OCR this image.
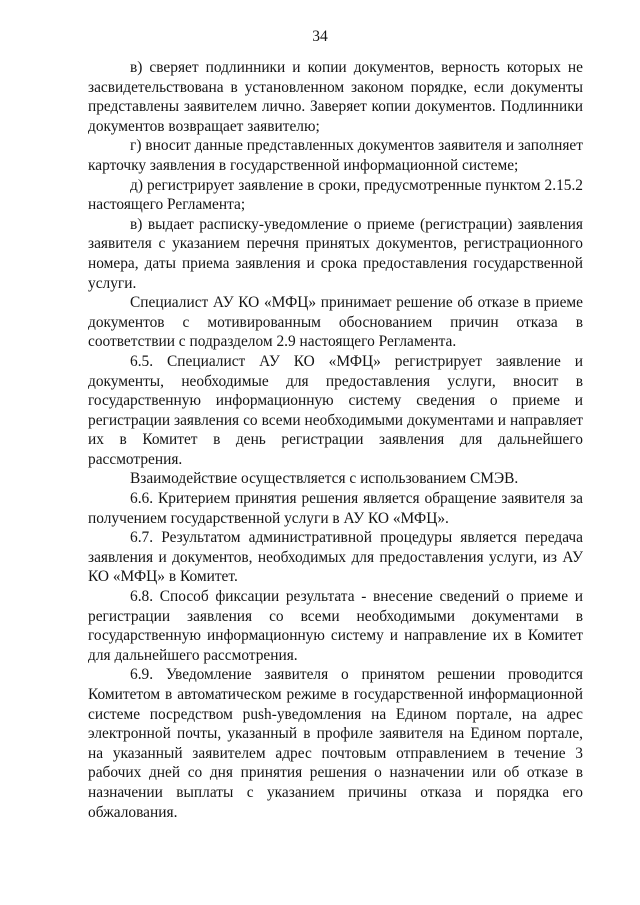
34

в) сверяет подлинники и копии документов, верность которых не засвидетельствована в установленном законом порядке, если документы представлены заявителем лично. Заверяет копии документов. Подлинники документов возвращает заявителю;

г) вносит данные представленных документов заявителя и заполняет карточку заявления в государственной информационной системе;

д) регистрирует заявление в сроки, предусмотренные пунктом 2.15.2 настоящего Регламента;

в) выдает расписку-уведомление о приеме (регистрации) заявления заявителя с указанием перечня принятых документов, регистрационного номера, даты приема заявления и срока предоставления государственной услуги.

Специалист АУ КО «МФЦ» принимает решение об отказе в приеме документов с мотивированным обоснованием причин отказа в соответствии с подразделом 2.9 настоящего Регламента.

6.5. Специалист АУ КО «МФЦ» регистрирует заявление и документы, необходимые для предоставления услуги, вносит в государственную информационную систему сведения о приеме и регистрации заявления со всеми необходимыми документами и направляет их в Комитет в день регистрации заявления для дальнейшего рассмотрения.

Взаимодействие осуществляется с использованием СМЭВ.

6.6. Критерием принятия решения является обращение заявителя за получением государственной услуги в АУ КО «МФЦ».

6.7. Результатом административной процедуры является передача заявления и документов, необходимых для предоставления услуги, из АУ КО «МФЦ» в Комитет.

6.8. Способ фиксации результата - внесение сведений о приеме и регистрации заявления со всеми необходимыми документами в государственную информационную систему и направление их в Комитет для дальнейшего рассмотрения.

6.9. Уведомление заявителя о принятом решении проводится Комитетом в автоматическом режиме в государственной информационной системе посредством push-уведомления на Едином портале, на адрес электронной почты, указанный в профиле заявителя на Едином портале, на указанный заявителем адрес почтовым отправлением в течение 3 рабочих дней со дня принятия решения о назначении или об отказе в назначении выплаты с указанием причины отказа и порядка его обжалования.
